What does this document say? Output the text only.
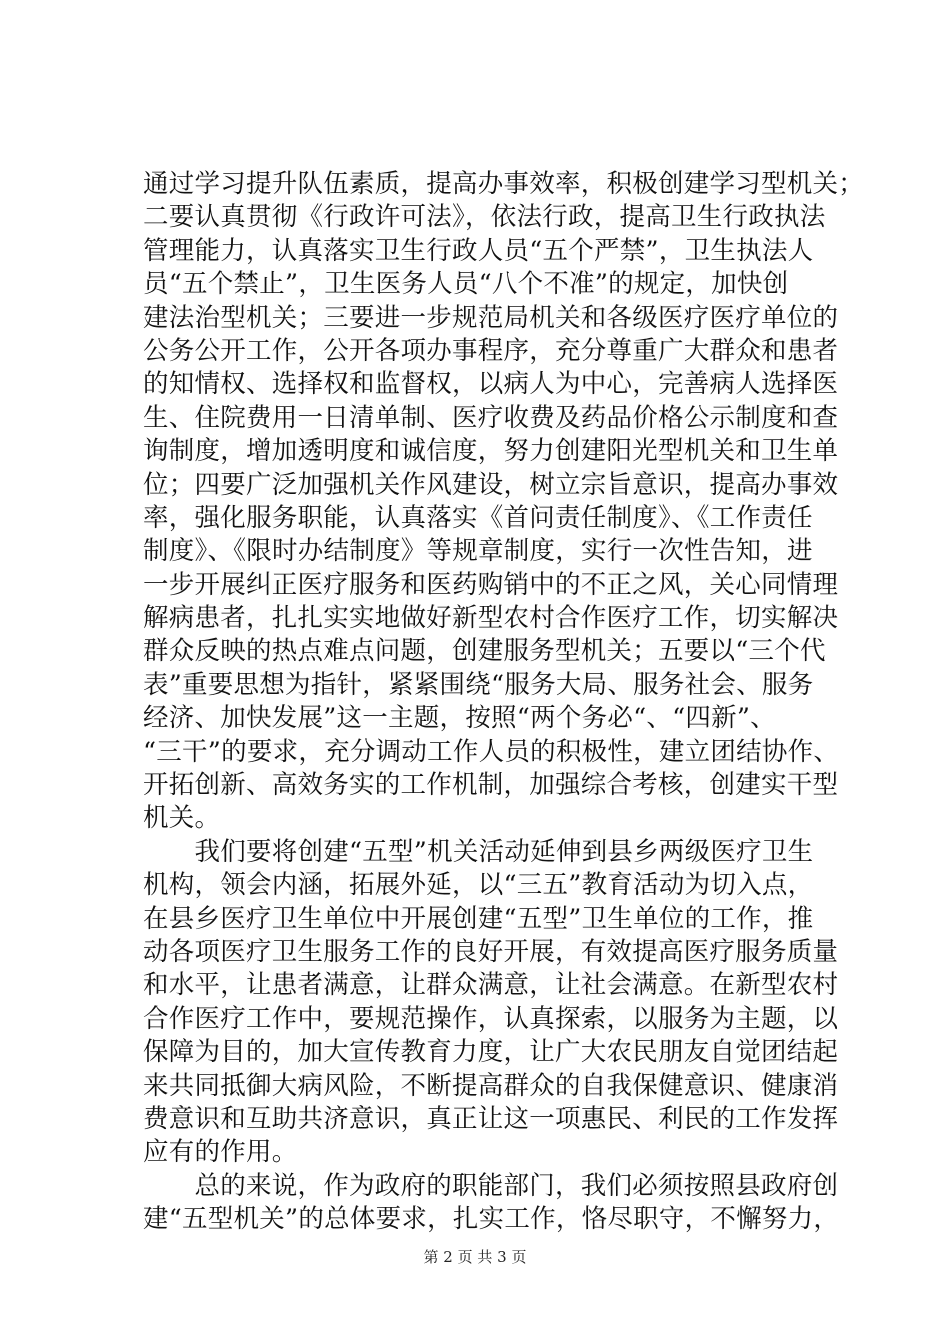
通过学习提升队伍素质，提高办事效率，积极创建学习型机关；
二要认真贯彻《行政许可法》，依法行政，提高卫生行政执法
管理能力，认真落实卫生行政人员“五个严禁”，卫生执法人
员“五个禁止”，卫生医务人员“八个不准”的规定，加快创
建法治型机关；三要进一步规范局机关和各级医疗医疗单位的
公务公开工作，公开各项办事程序，充分尊重广大群众和患者
的知情权、选择权和监督权，以病人为中心，完善病人选择医
生、住院费用一日清单制、医疗收费及药品价格公示制度和查
询制度，增加透明度和诚信度，努力创建阳光型机关和卫生单
位；四要广泛加强机关作风建设，树立宗旨意识，提高办事效
率，强化服务职能，认真落实《首问责任制度》、《工作责任
制度》、《限时办结制度》等规章制度，实行一次性告知，进
一步开展纠正医疗服务和医药购销中的不正之风，关心同情理
解病患者，扎扎实实地做好新型农村合作医疗工作，切实解决
群众反映的热点难点问题，创建服务型机关；五要以“三个代
表”重要思想为指针，紧紧围绕“服务大局、服务社会、服务
经济、加快发展”这一主题，按照“两个务必“、“四新”、
“三干”的要求，充分调动工作人员的积极性，建立团结协作、
开拓创新、高效务实的工作机制，加强综合考核，创建实干型
机关。
　　我们要将创建“五型”机关活动延伸到县乡两级医疗卫生
机构，领会内涵，拓展外延，以“三五”教育活动为切入点，
在县乡医疗卫生单位中开展创建“五型”卫生单位的工作，推
动各项医疗卫生服务工作的良好开展，有效提高医疗服务质量
和水平，让患者满意，让群众满意，让社会满意。在新型农村
合作医疗工作中，要规范操作，认真探索，以服务为主题，以
保障为目的，加大宣传教育力度，让广大农民朋友自觉团结起
来共同抵御大病风险，不断提高群众的自我保健意识、健康消
费意识和互助共济意识，真正让这一项惠民、利民的工作发挥
应有的作用。
　　总的来说，作为政府的职能部门，我们必须按照县政府创
建“五型机关”的总体要求，扎实工作，恪尽职守，不懈努力，
第 2 页 共 3 页
